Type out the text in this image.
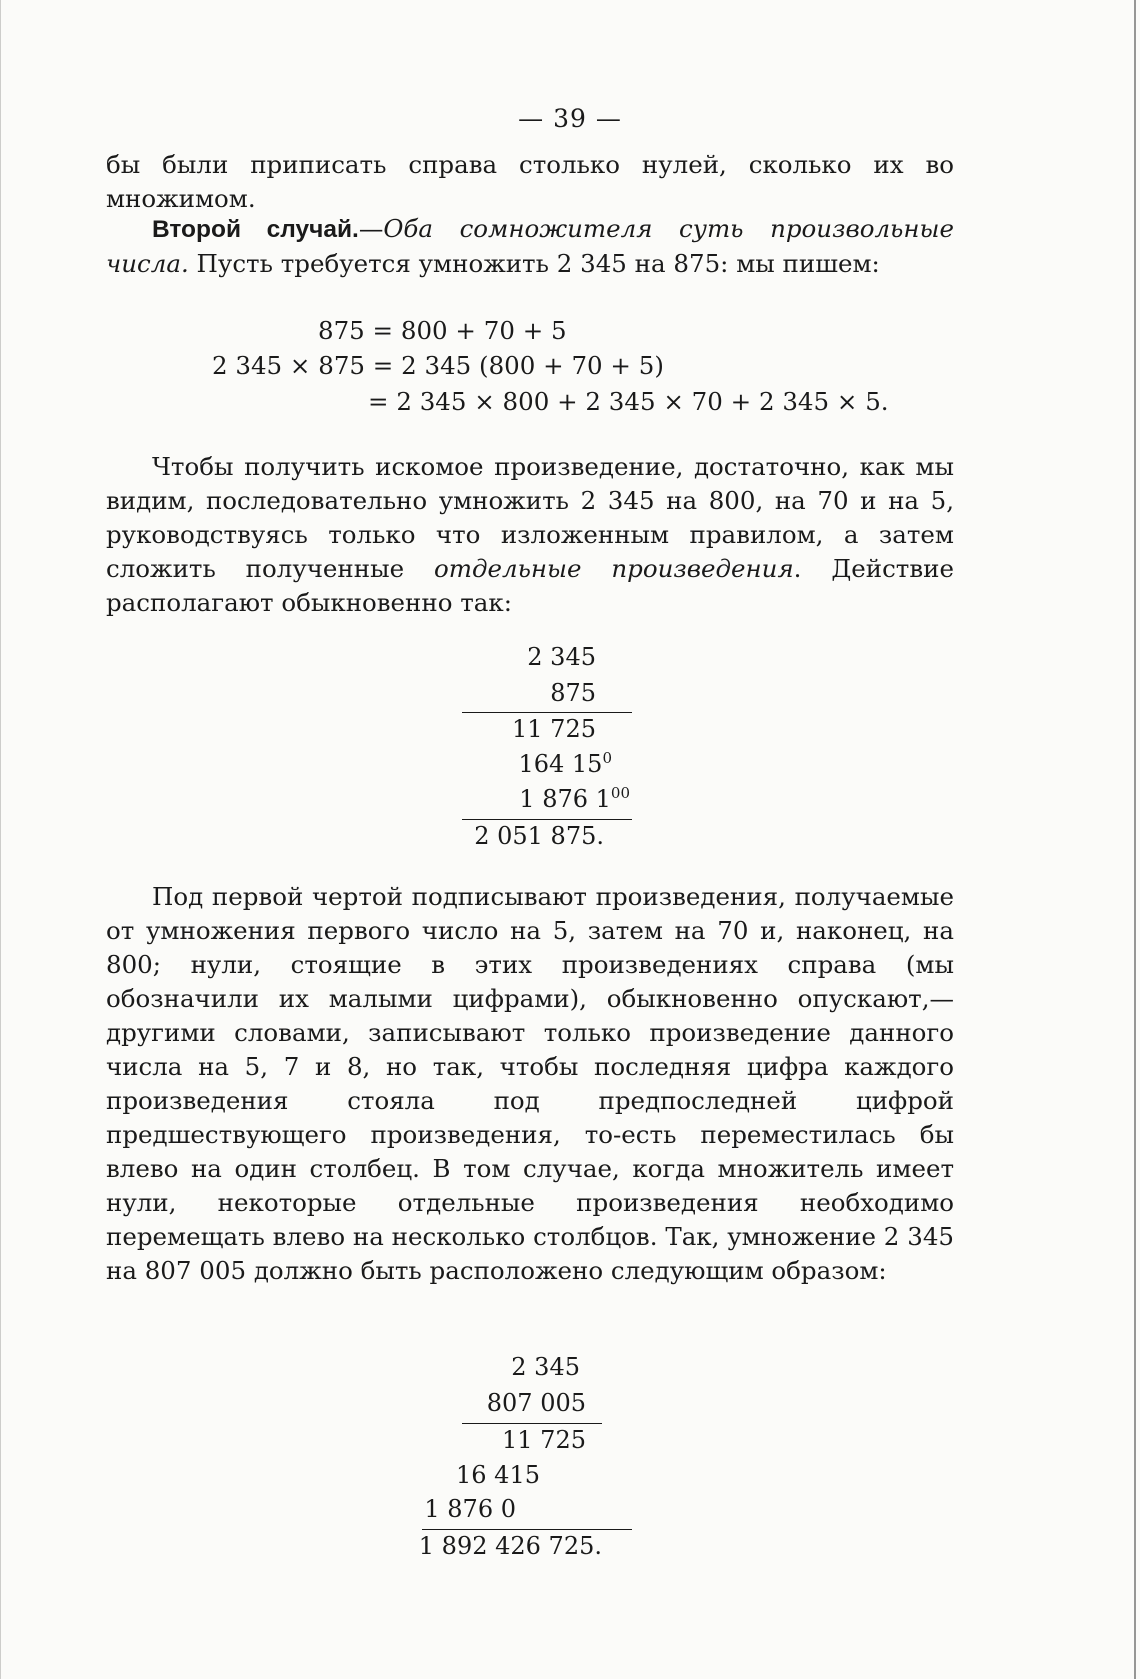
— 39 —

бы были приписать справа столько нулей, сколько их во множимом.

Второй случай.—Оба сомножителя суть произвольные числа. Пусть требуется умножить 2 345 на 875: мы пишем:

875 = 800 + 70 + 5
2 345 × 875 = 2 345 (800 + 70 + 5)
= 2 345 × 800 + 2 345 × 70 + 2 345 × 5.

Чтобы получить искомое произведение, достаточно, как мы видим, последовательно умножить 2 345 на 800, на 70 и на 5, руководствуясь только что изложенным правилом, а затем сложить полученные отдельные произведения. Действие располагают обыкновенно так:

2 345
875
11 725
164 $15^0$
1 876 $1^{00}$
2 051 875.

Под первой чертой подписывают произведения, получаемые от умножения первого число на 5, затем на 70 и, наконец, на 800; нули, стоящие в этих произведениях справа (мы обозначили их малыми цифрами), обыкновенно опускают,—другими словами, записывают только произведение данного числа на 5, 7 и 8, но так, чтобы последняя цифра каждого произведения стояла под предпоследней цифрой предшествующего произведения, то-есть переместилась бы влево на один столбец. В том случае, когда множитель имеет нули, некоторые отдельные произведения необходимо перемещать влево на несколько столбцов. Так, умножение 2 345 на 807 005 должно быть расположено следующим образом:

2 345
807 005
11 725
16 415
1 876 0
1 892 426 725.
